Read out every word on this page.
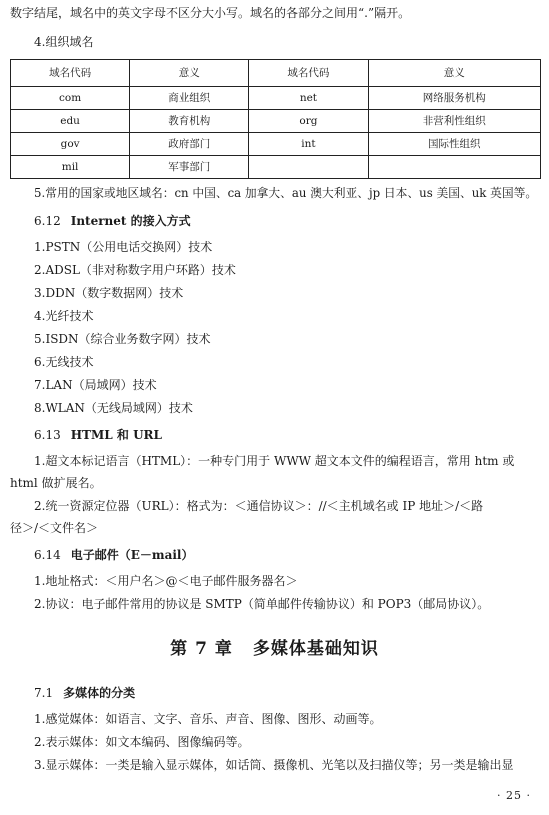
数字结尾，域名中的英文字母不区分大小写。域名的各部分之间用“.”隔开。
4.组织域名
域名代码	意义	域名代码	意义
com	商业组织	net	网络服务机构
edu	教育机构	org	非营利性组织
gov	政府部门	int	国际性组织
mil	军事部门		
5.常用的国家或地区域名：cn 中国、ca 加拿大、au 澳大利亚、jp 日本、us 美国、uk 英国等。
6.12 Internet 的接入方式
1.PSTN（公用电话交换网）技术
2.ADSL（非对称数字用户环路）技术
3.DDN（数字数据网）技术
4.光纤技术
5.ISDN（综合业务数字网）技术
6.无线技术
7.LAN（局域网）技术
8.WLAN（无线局域网）技术
6.13 HTML 和 URL
1.超文本标记语言（HTML）：一种专门用于 WWW 超文本文件的编程语言，常用 htm 或
html 做扩展名。
2.统一资源定位器（URL）：格式为：＜通信协议＞：//＜主机域名或 IP 地址＞/＜路
径＞/＜文件名＞
6.14 电子邮件（E－mail）
1.地址格式：＜用户名＞@＜电子邮件服务器名＞
2.协议：电子邮件常用的协议是 SMTP（简单邮件传输协议）和 POP3（邮局协议）。
第 7 章 多媒体基础知识
7.1 多媒体的分类
1.感觉媒体：如语言、文字、音乐、声音、图像、图形、动画等。
2.表示媒体：如文本编码、图像编码等。
3.显示媒体：一类是输入显示媒体，如话筒、摄像机、光笔以及扫描仪等；另一类是输出显
· 25 ·
